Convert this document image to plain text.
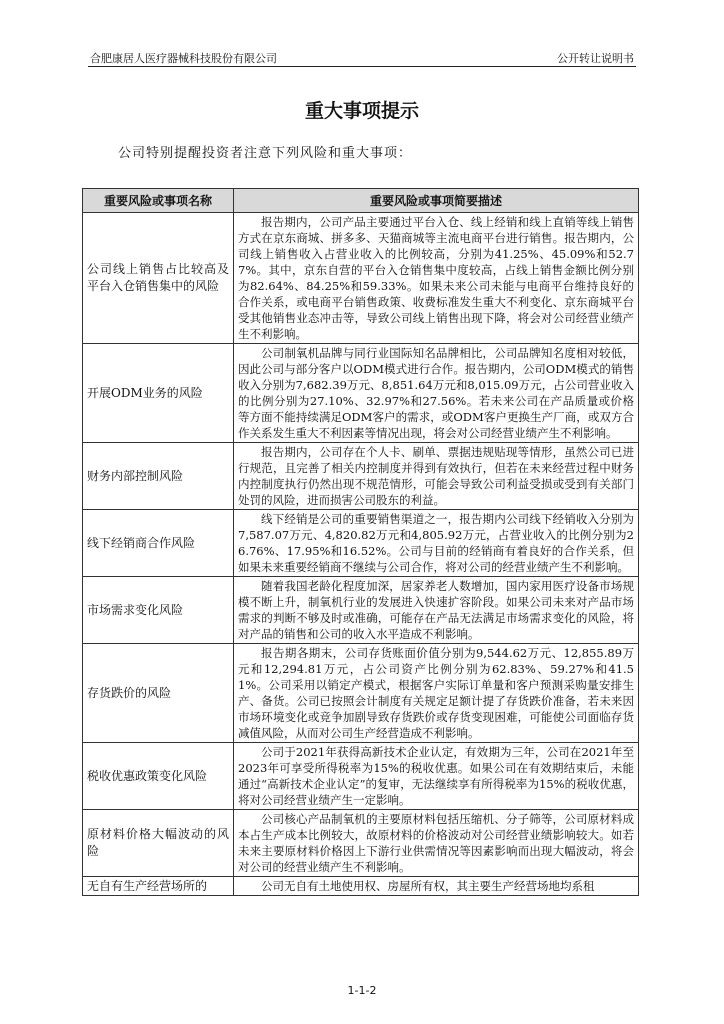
合肥康居人医疗器械科技股份有限公司	公开转让说明书
重大事项提示
公司特别提醒投资者注意下列风险和重大事项：
重要风险或事项名称	重要风险或事项简要描述
公司线上销售占比较高及平台入仓销售集中的风险	报告期内，公司产品主要通过平台入仓、线上经销和线上直销等线上销售方式在京东商城、拼多多、天猫商城等主流电商平台进行销售。报告期内，公司线上销售收入占营业收入的比例较高，分别为41.25%、45.09%和52.77%。其中，京东自营的平台入仓销售集中度较高，占线上销售金额比例分别为82.64%、84.25%和59.33%。如果未来公司未能与电商平台维持良好的合作关系，或电商平台销售政策、收费标准发生重大不利变化、京东商城平台受其他销售业态冲击等，导致公司线上销售出现下降，将会对公司经营业绩产生不利影响。
开展ODM业务的风险	公司制氧机品牌与同行业国际知名品牌相比，公司品牌知名度相对较低，因此公司与部分客户以ODM模式进行合作。报告期内，公司ODM模式的销售收入分别为7,682.39万元、8,851.64万元和8,015.09万元，占公司营业收入的比例分别为27.10%、32.97%和27.56%。若未来公司在产品质量或价格等方面不能持续满足ODM客户的需求，或ODM客户更换生产厂商，或双方合作关系发生重大不利因素等情况出现，将会对公司经营业绩产生不利影响。
财务内部控制风险	报告期内，公司存在个人卡、刷单、票据违规贴现等情形，虽然公司已进行规范，且完善了相关内控制度并得到有效执行，但若在未来经营过程中财务内控制度执行仍然出现不规范情形，可能会导致公司利益受损或受到有关部门处罚的风险，进而损害公司股东的利益。
线下经销商合作风险	线下经销是公司的重要销售渠道之一，报告期内公司线下经销收入分别为7,587.07万元、4,820.82万元和4,805.92万元，占营业收入的比例分别为26.76%、17.95%和16.52%。公司与目前的经销商有着良好的合作关系，但如果未来重要经销商不继续与公司合作，将对公司的经营业绩产生不利影响。
市场需求变化风险	随着我国老龄化程度加深，居家养老人数增加，国内家用医疗设备市场规模不断上升，制氧机行业的发展进入快速扩容阶段。如果公司未来对产品市场需求的判断不够及时或准确，可能存在产品无法满足市场需求变化的风险，将对产品的销售和公司的收入水平造成不利影响。
存货跌价的风险	报告期各期末，公司存货账面价值分别为9,544.62万元、12,855.89万元和12,294.81万元，占公司资产比例分别为62.83%、59.27%和41.51%。公司采用以销定产模式，根据客户实际订单量和客户预测采购量安排生产、备货。公司已按照会计制度有关规定足额计提了存货跌价准备，若未来因市场环境变化或竞争加剧导致存货跌价或存货变现困难，可能使公司面临存货减值风险，从而对公司生产经营造成不利影响。
税收优惠政策变化风险	公司于2021年获得高新技术企业认定，有效期为三年，公司在2021年至2023年可享受所得税率为15%的税收优惠。如果公司在有效期结束后，未能通过“高新技术企业认定”的复审，无法继续享有所得税率为15%的税收优惠，将对公司经营业绩产生一定影响。
原材料价格大幅波动的风险	公司核心产品制氧机的主要原材料包括压缩机、分子筛等，公司原材料成本占生产成本比例较大，故原材料的价格波动对公司经营业绩影响较大。如若未来主要原材料价格因上下游行业供需情况等因素影响而出现大幅波动，将会对公司的经营业绩产生不利影响。
无自有生产经营场所的	公司无自有土地使用权、房屋所有权，其主要生产经营场地均系租
1-1-2
